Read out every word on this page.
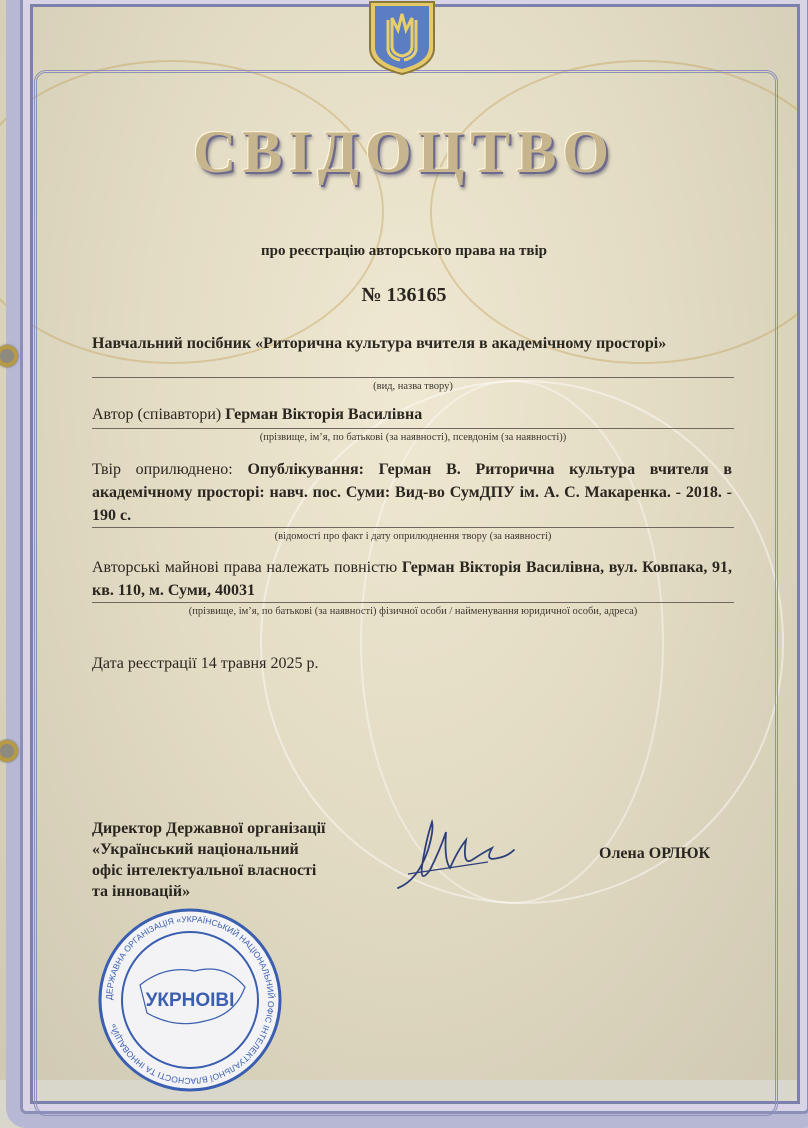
СВІДОЦТВО
про реєстрацію авторського права на твір
№ 136165
Навчальний посібник «Риторична культура вчителя в академічному просторі»
(вид, назва твору)
Автор (співавтори) Герман Вікторія Василівна
(прізвище, ім’я, по батькові (за наявності), псевдонім (за наявності))
Твір оприлюднено: Опублікування: Герман В. Риторична культура вчителя в академічному просторі: навч. пос. Суми: Вид-во СумДПУ ім. А. С. Макаренка. - 2018. - 190 с.
(відомості про факт і дату оприлюднення твору (за наявності)
Авторські майнові права належать повністю Герман Вікторія Василівна, вул. Ковпака, 91, кв. 110, м. Суми, 40031
(прізвище, ім’я, по батькові (за наявності) фізичної особи / найменування юридичної особи, адреса)
Дата реєстрації 14 травня 2025 р.
Директор Державної організації
«Український національний
офіс інтелектуальної власності
та інновацій»
Олена ОРЛЮК
ДЕРЖАВНА ОРГАНІЗАЦІЯ «УКРАЇНСЬКИЙ НАЦІОНАЛЬНИЙ ОФІС ІНТЕЛЕКТУАЛЬНОЇ ВЛАСНОСТІ ТА ІННОВАЦІЙ»
УКРНОІВІ
